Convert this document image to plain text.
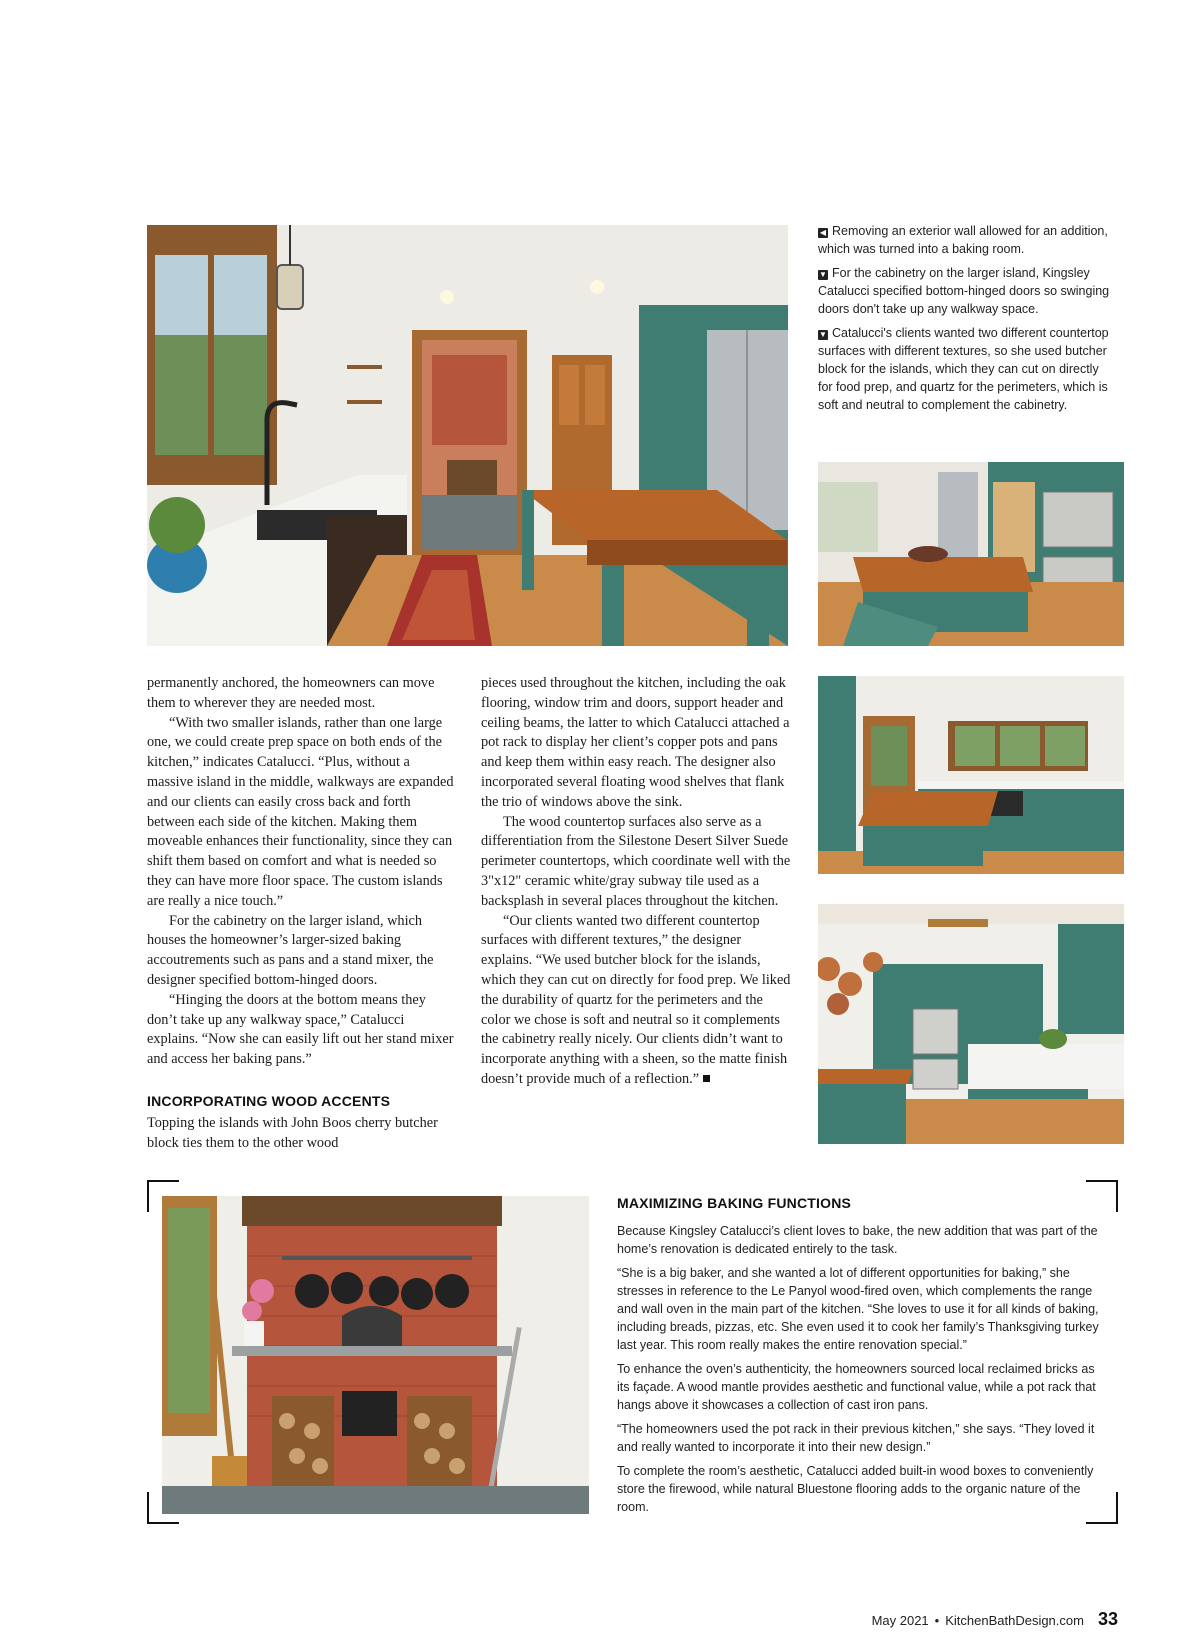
◀ Removing an exterior wall allowed for an addition, which was turned into a baking room.

▼ For the cabinetry on the larger island, Kingsley Catalucci specified bottom-hinged doors so swinging doors don't take up any walkway space.

▼ Catalucci's clients wanted two different countertop surfaces with different textures, so she used butcher block for the islands, which they can cut on directly for food prep, and quartz for the perimeters, which is soft and neutral to complement the cabinetry.

permanently anchored, the homeowners can move them to wherever they are needed most.

“With two smaller islands, rather than one large one, we could create prep space on both ends of the kitchen,” indicates Catalucci. “Plus, without a massive island in the middle, walkways are expanded and our clients can easily cross back and forth between each side of the kitchen. Making them moveable enhances their functionality, since they can shift them based on comfort and what is needed so they can have more floor space. The custom islands are really a nice touch.”

For the cabinetry on the larger island, which houses the homeowner’s larger-sized baking accoutrements such as pans and a stand mixer, the designer specified bottom-hinged doors.

“Hinging the doors at the bottom means they don’t take up any walkway space,” Catalucci explains. “Now she can easily lift out her stand mixer and access her baking pans.”

INCORPORATING WOOD ACCENTS

Topping the islands with John Boos cherry butcher block ties them to the other wood

pieces used throughout the kitchen, including the oak flooring, window trim and doors, support header and ceiling beams, the latter to which Catalucci attached a pot rack to display her client’s copper pots and pans and keep them within easy reach. The designer also incorporated several floating wood shelves that flank the trio of windows above the sink.

The wood countertop surfaces also serve as a differentiation from the Silestone Desert Silver Suede perimeter countertops, which coordinate well with the 3"x12" ceramic white/gray subway tile used as a backsplash in several places throughout the kitchen.

“Our clients wanted two different countertop surfaces with different textures,” the designer explains. “We used butcher block for the islands, which they can cut on directly for food prep. We liked the durability of quartz for the perimeters and the color we chose is soft and neutral so it complements the cabinetry really nicely. Our clients didn’t want to incorporate anything with a sheen, so the matte finish doesn’t provide much of a reflection.”

MAXIMIZING BAKING FUNCTIONS

Because Kingsley Catalucci’s client loves to bake, the new addition that was part of the home’s renovation is dedicated entirely to the task.

“She is a big baker, and she wanted a lot of different opportunities for baking,” she stresses in reference to the Le Panyol wood-fired oven, which complements the range and wall oven in the main part of the kitchen. “She loves to use it for all kinds of baking, including breads, pizzas, etc. She even used it to cook her family’s Thanksgiving turkey last year. This room really makes the entire renovation special.”

To enhance the oven’s authenticity, the homeowners sourced local reclaimed bricks as its façade. A wood mantle provides aesthetic and functional value, while a pot rack that hangs above it showcases a collection of cast iron pans.

“The homeowners used the pot rack in their previous kitchen,” she says. “They loved it and really wanted to incorporate it into their new design.”

To complete the room’s aesthetic, Catalucci added built-in wood boxes to conveniently store the firewood, while natural Bluestone flooring adds to the organic nature of the room.

May 2021 • KitchenBathDesign.com 33
